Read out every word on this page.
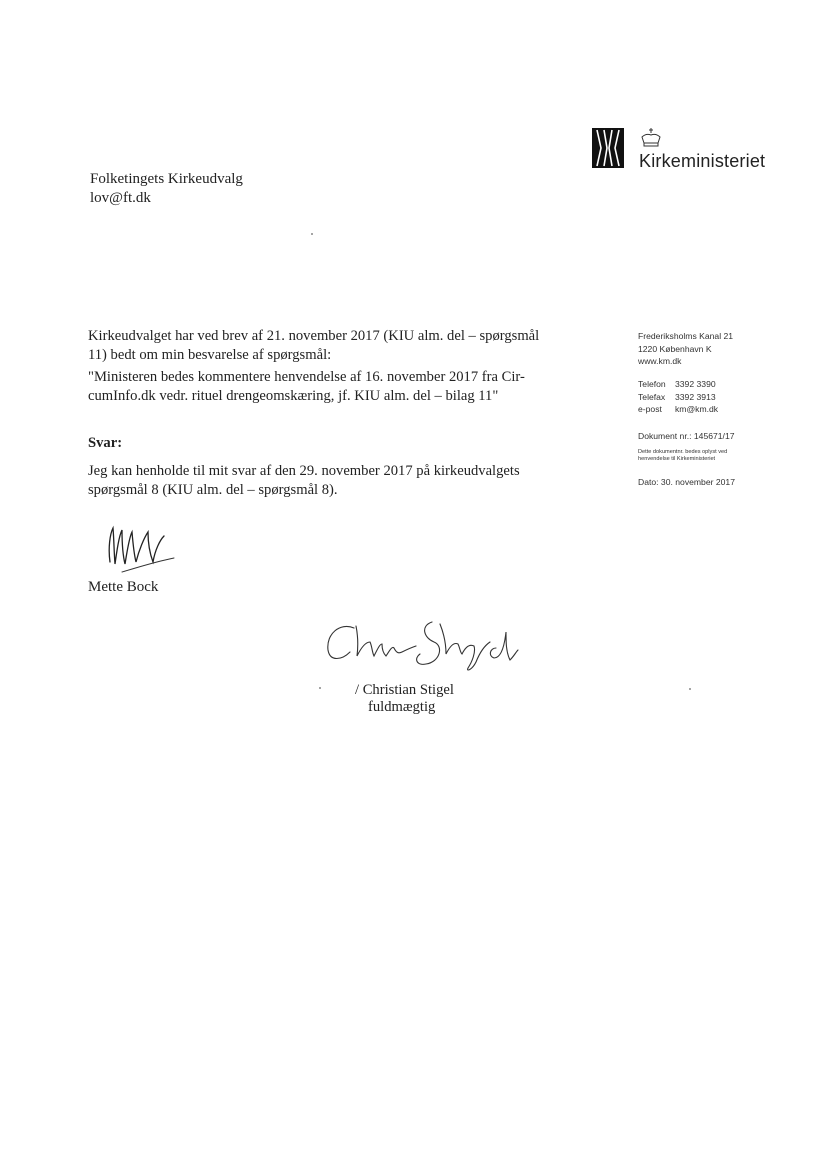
Kirkeministeriet
Folketingets Kirkeudvalg
lov@ft.dk
Kirkeudvalget har ved brev af 21. november 2017 (KIU alm. del – spørgsmål
11) bedt om min besvarelse af spørgsmål:
"Ministeren bedes kommentere henvendelse af 16. november 2017 fra Cir-
cumInfo.dk vedr. rituel drengeomskæring, jf. KIU alm. del – bilag 11"
Svar:
Jeg kan henholde til mit svar af den 29. november 2017 på kirkeudvalgets
spørgsmål 8 (KIU alm. del – spørgsmål 8).
Frederiksholms Kanal 21
1220 København K
www.km.dk
Telefon 3392 3390
Telefax 3392 3913
e-post km@km.dk
Dokument nr.: 145671/17
Dette dokumentnr. bedes oplyst ved
henvendelse til Kirkeministeriet
Dato: 30. november 2017
Mette Bock
/ Christian Stigel
fuldmægtig
